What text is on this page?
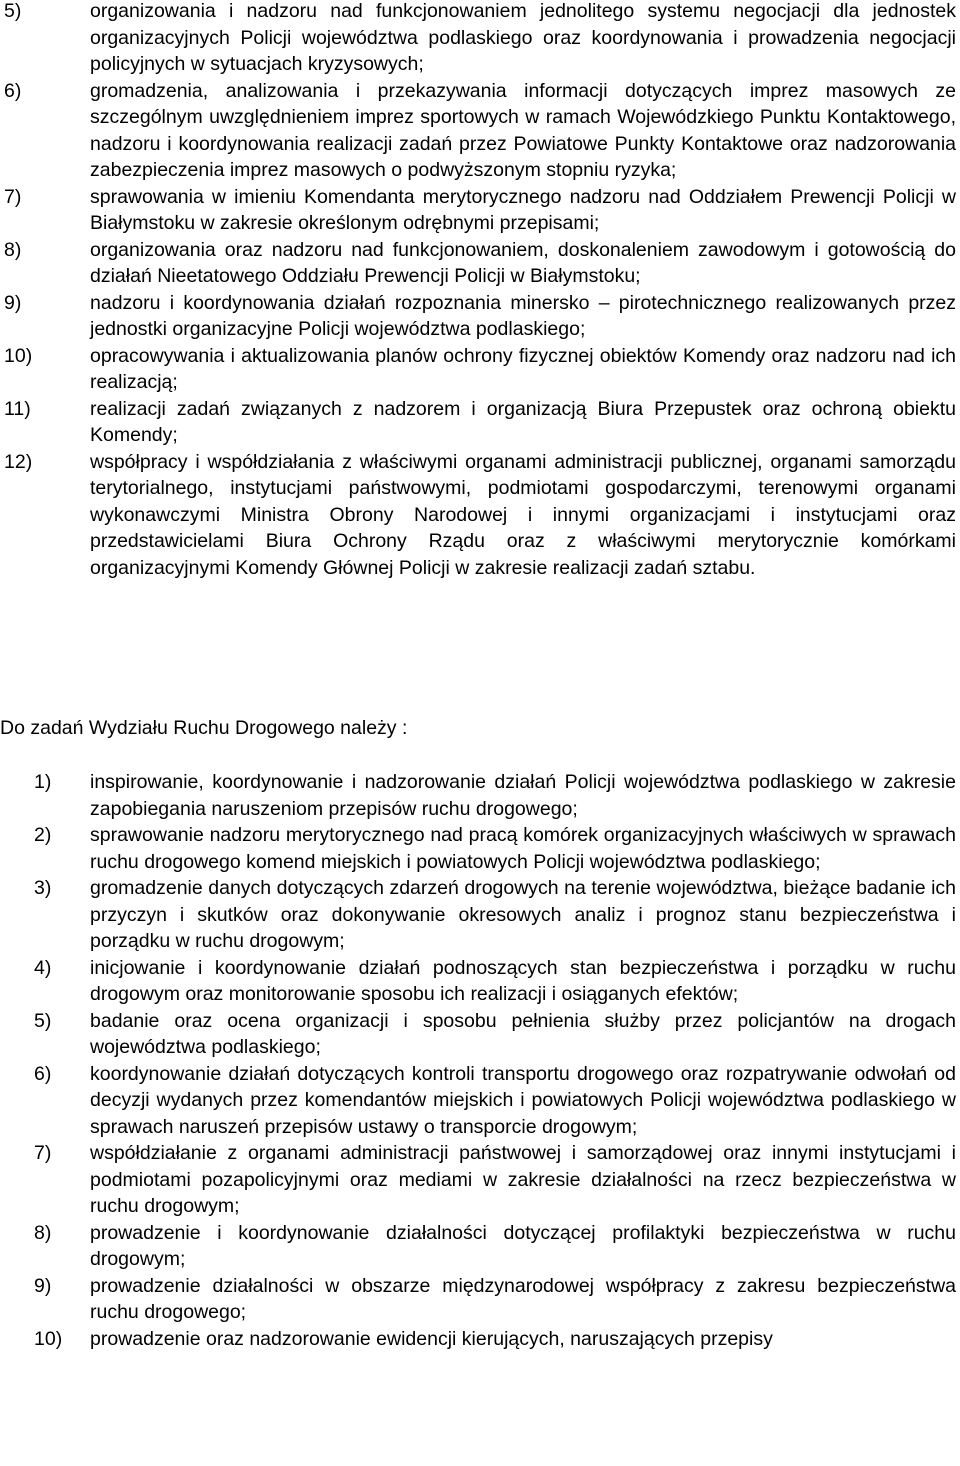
5)	organizowania i nadzoru nad funkcjonowaniem jednolitego systemu negocjacji dla jednostek organizacyjnych Policji województwa podlaskiego oraz koordynowania i prowadzenia negocjacji policyjnych w sytuacjach kryzysowych;
6)	gromadzenia, analizowania i przekazywania informacji dotyczących imprez masowych ze szczególnym uwzględnieniem imprez sportowych w ramach Wojewódzkiego Punktu Kontaktowego, nadzoru i koordynowania realizacji zadań przez Powiatowe Punkty Kontaktowe oraz nadzorowania zabezpieczenia imprez masowych o podwyższonym stopniu ryzyka;
7)	sprawowania w imieniu Komendanta merytorycznego nadzoru nad Oddziałem Prewencji Policji w Białymstoku w zakresie określonym odrębnymi przepisami;
8)	organizowania oraz nadzoru nad funkcjonowaniem, doskonaleniem zawodowym i gotowością do działań Nieetatowego Oddziału Prewencji Policji w Białymstoku;
9)	nadzoru i koordynowania działań rozpoznania minersko – pirotechnicznego realizowanych przez jednostki organizacyjne Policji województwa podlaskiego;
10)	opracowywania i aktualizowania planów ochrony fizycznej obiektów Komendy oraz nadzoru nad ich realizacją;
11)	realizacji zadań związanych z nadzorem i organizacją Biura Przepustek oraz ochroną obiektu Komendy;
12)	współpracy i współdziałania z właściwymi organami administracji publicznej, organami samorządu terytorialnego, instytucjami państwowymi, podmiotami gospodarczymi, terenowymi organami wykonawczymi Ministra Obrony Narodowej i innymi organizacjami i instytucjami oraz przedstawicielami Biura Ochrony Rządu oraz z właściwymi merytorycznie komórkami organizacyjnymi Komendy Głównej Policji w zakresie realizacji zadań sztabu.
Do zadań Wydziału Ruchu Drogowego należy :
1)	inspirowanie, koordynowanie i nadzorowanie działań Policji województwa podlaskiego w zakresie zapobiegania naruszeniom przepisów ruchu drogowego;
2)	sprawowanie nadzoru merytorycznego nad pracą komórek organizacyjnych właściwych w sprawach ruchu drogowego komend miejskich i powiatowych Policji województwa podlaskiego;
3)	gromadzenie danych dotyczących zdarzeń drogowych na terenie województwa, bieżące badanie ich przyczyn i skutków oraz dokonywanie okresowych analiz i prognoz stanu bezpieczeństwa i porządku w ruchu drogowym;
4)	inicjowanie i koordynowanie działań podnoszących stan bezpieczeństwa i porządku w ruchu drogowym oraz monitorowanie sposobu ich realizacji i osiąganych efektów;
5)	badanie oraz ocena organizacji i sposobu pełnienia służby przez policjantów na drogach województwa podlaskiego;
6)	koordynowanie działań dotyczących kontroli transportu drogowego oraz rozpatrywanie odwołań od decyzji wydanych przez komendantów miejskich i powiatowych Policji województwa podlaskiego w sprawach naruszeń przepisów ustawy o transporcie drogowym;
7)	współdziałanie z organami administracji państwowej i samorządowej oraz innymi instytucjami i podmiotami pozapolicyjnymi oraz mediami w zakresie działalności na rzecz bezpieczeństwa w ruchu drogowym;
8)	prowadzenie i koordynowanie działalności dotyczącej profilaktyki bezpieczeństwa w ruchu drogowym;
9)	prowadzenie działalności w obszarze międzynarodowej współpracy z zakresu bezpieczeństwa ruchu drogowego;
10)	prowadzenie oraz nadzorowanie ewidencji kierujących, naruszających przepisy
